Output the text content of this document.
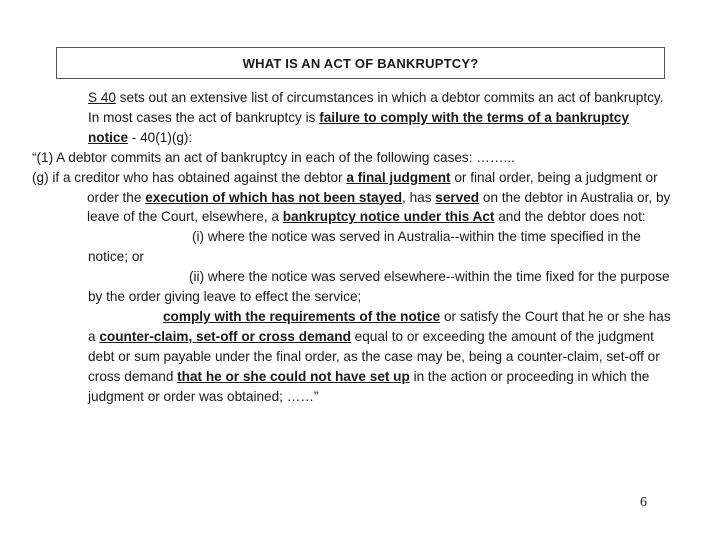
WHAT IS AN ACT OF BANKRUPTCY?

S 40 sets out an extensive list of circumstances in which a debtor commits an act of bankruptcy.

In most cases the act of bankruptcy is failure to comply with the terms of a bankruptcy notice - 40(1)(g):

“(1) A debtor commits an act of bankruptcy in each of the following cases: ……...

(g) if a creditor who has obtained against the debtor a final judgment or final order, being a judgment or order the execution of which has not been stayed, has served on the debtor in Australia or, by leave of the Court, elsewhere, a bankruptcy notice under this Act and the debtor does not:

(i) where the notice was served in Australia--within the time specified in the notice; or

(ii) where the notice was served elsewhere--within the time fixed for the purpose by the order giving leave to effect the service;

comply with the requirements of the notice or satisfy the Court that he or she has a counter-claim, set-off or cross demand equal to or exceeding the amount of the judgment debt or sum payable under the final order, as the case may be, being a counter-claim, set-off or cross demand that he or she could not have set up in the action or proceeding in which the judgment or order was obtained; ……”

6
